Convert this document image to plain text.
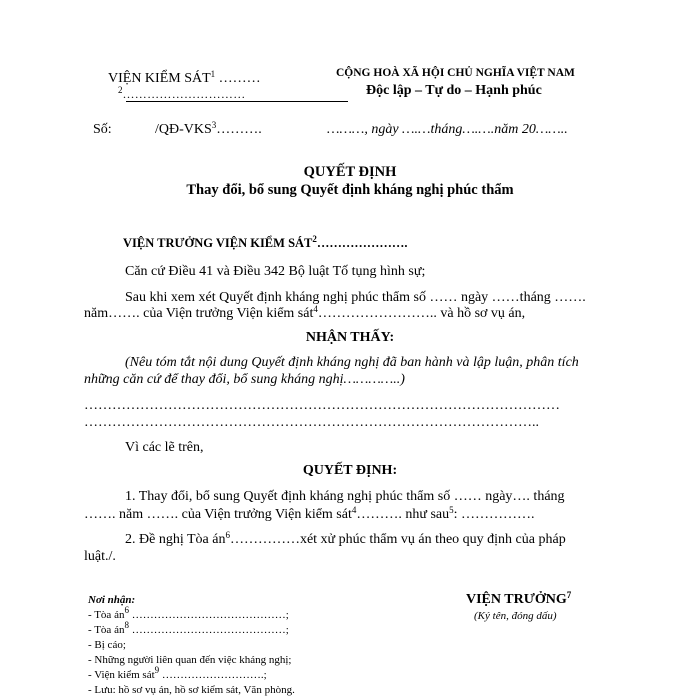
VIỆN KIỂM SÁT$^1$ ………
$^2$…………………………
CỘNG HOÀ XÃ HỘI CHỦ NGHĨA VIỆT NAM
Độc lập – Tự do – Hạnh phúc
Số:	/QĐ-VKS$^3$……….	………, ngày ….…tháng….….năm 20……..
QUYẾT ĐỊNH
Thay đổi, bổ sung Quyết định kháng nghị phúc thẩm
VIỆN TRƯỞNG VIỆN KIỂM SÁT$^2$………………….
Căn cứ Điều 41 và Điều 342 Bộ luật Tố tụng hình sự;
Sau khi xem xét Quyết định kháng nghị phúc thẩm số …… ngày ……tháng …….
năm……. của Viện trưởng Viện kiểm sát$^4$…………………….. và hồ sơ vụ án,
NHẬN THẤY:
(Nêu tóm tắt nội dung Quyết định kháng nghị đã ban hành và lập luận, phân tích
những căn cứ để thay đổi, bổ sung kháng nghị…………..)
…………………………………………………………………………………………
……………………………………………………………………………………..
Vì các lẽ trên,
QUYẾT ĐỊNH:
1. Thay đổi, bổ sung Quyết định kháng nghị phúc thẩm số …… ngày…. tháng
……. năm ……. của Viện trưởng Viện kiểm sát$^4$………. như sau$^5$: …………….
2. Đề nghị Tòa $án^6\dots\dots\dots\dots\dots xét$ xử phúc thẩm vụ án theo quy định của pháp
luật./.
Nơi nhận:
- Tòa $án^6$ ……………………………………;
- Tòa $án^8$ ……………………………………;
- Bị cáo;
- Những người liên quan đến việc kháng nghị;
- Viện kiểm sát$^9$ ……………………….;
- Lưu: hồ sơ vụ án, hồ sơ kiểm sát, Văn phòng.
VIỆN TRƯỞNG$^7$
(Ký tên, đóng dấu)
